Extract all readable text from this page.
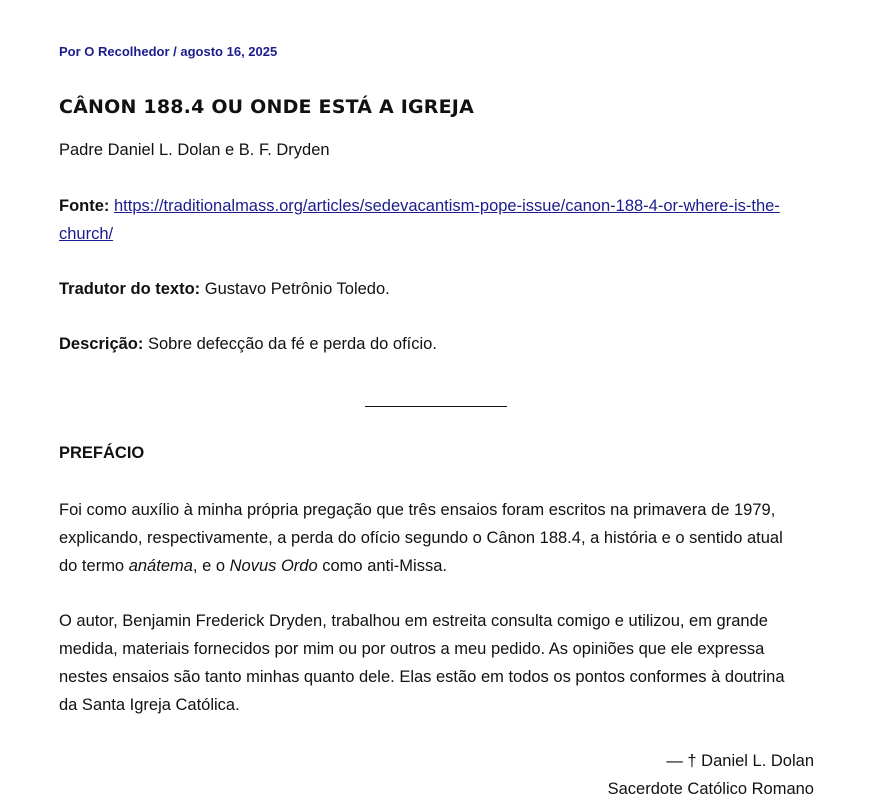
Por O Recolhedor / agosto 16, 2025
CÂNON 188.4 OU ONDE ESTÁ A IGREJA

Padre Daniel L. Dolan e B. F. Dryden

Fonte: https://traditionalmass.org/articles/sedevacantism-pope-issue/canon-188-4-or-where-is-the-
church/

Tradutor do texto: Gustavo Petrônio Toledo.

Descrição: Sobre defecção da fé e perda do ofício.

PREFÁCIO

Foi como auxílio à minha própria pregação que três ensaios foram escritos na primavera de 1979,
explicando, respectivamente, a perda do ofício segundo o Cânon 188.4, a história e o sentido atual
do termo anátema, e o Novus Ordo como anti-Missa.

O autor, Benjamin Frederick Dryden, trabalhou em estreita consulta comigo e utilizou, em grande
medida, materiais fornecidos por mim ou por outros a meu pedido. As opiniões que ele expressa
nestes ensaios são tanto minhas quanto dele. Elas estão em todos os pontos conformes à doutrina
da Santa Igreja Católica.

— † Daniel L. Dolan
Sacerdote Católico Romano
